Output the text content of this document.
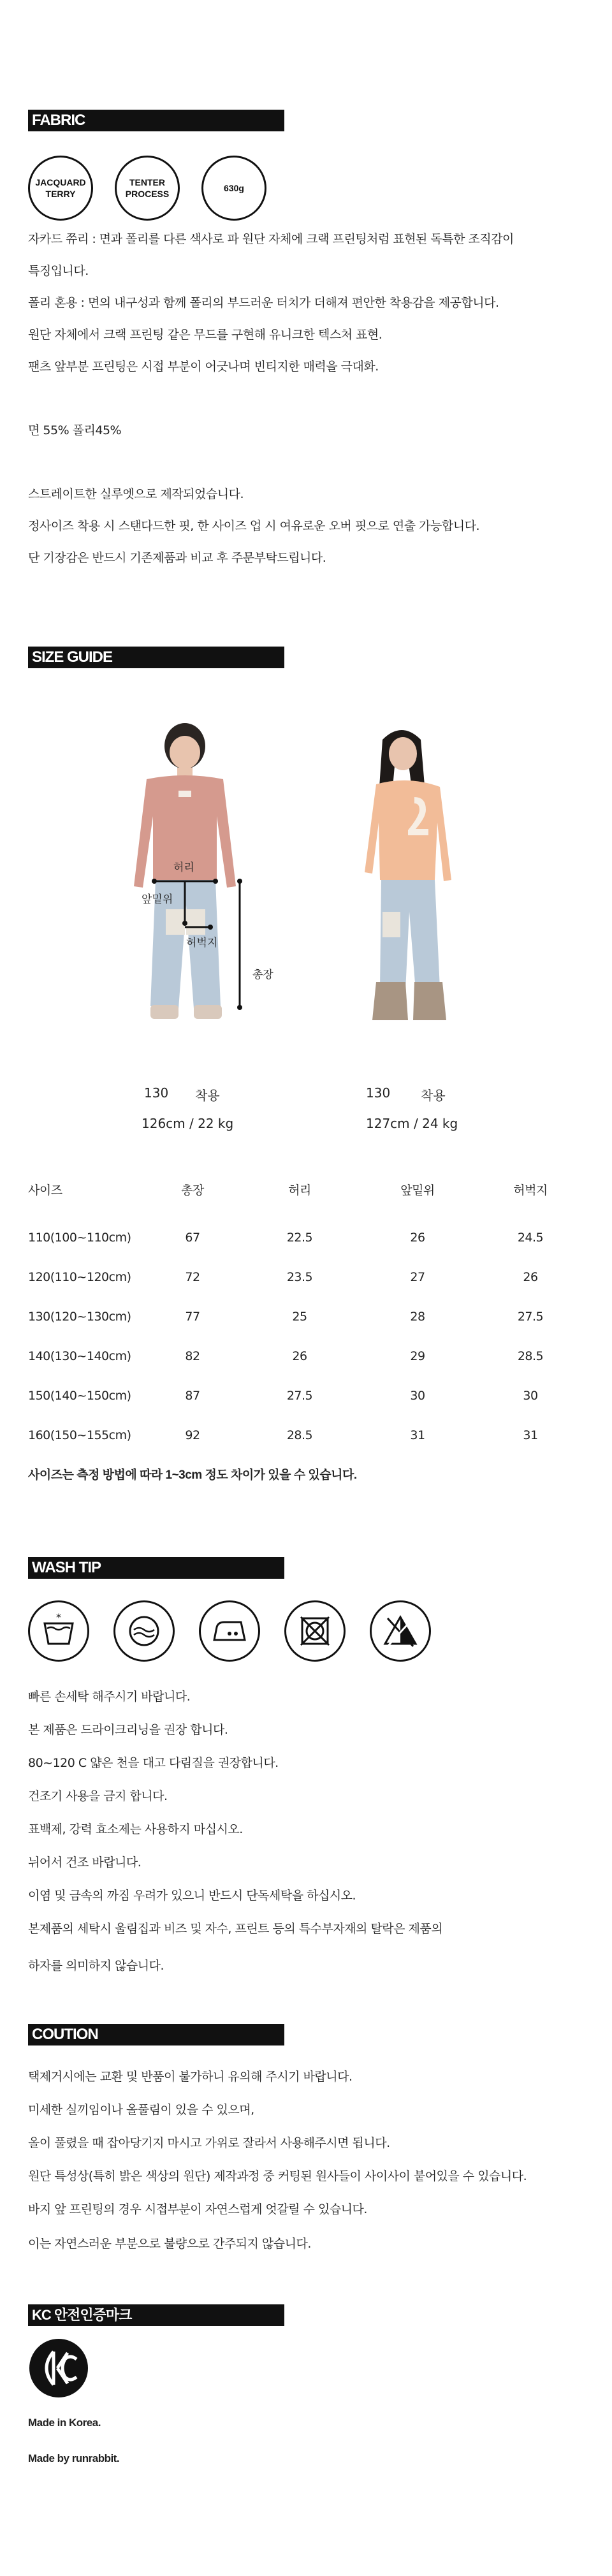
FABRIC
JACQUARD
TERRY
TENTER
PROCESS
630g
자카드 쮸리 : 면과 폴리를 다른 색사로 파 원단 자체에 크랙 프린팅처럼 표현된 독특한 조직감이
특징입니다.
폴리 혼용 : 면의 내구성과 함께 폴리의 부드러운 터치가 더해져 편안한 착용감을 제공합니다.
원단 자체에서 크랙 프린팅 같은 무드를 구현해 유니크한 텍스처 표현.
팬츠 앞부분 프린팅은 시접 부분이 어긋나며 빈티지한 매력을 극대화.
면 55% 폴리45%
스트레이트한 실루엣으로 제작되었습니다.
정사이즈 착용 시 스탠다드한 핏, 한 사이즈 업 시 여유로운 오버 핏으로 연출 가능합니다.
단 기장감은 반드시 기존제품과 비교 후 주문부탁드립니다.
SIZE GUIDE
허리
앞밑위
허벅지
총장
130 착용
126cm / 22 kg
130 착용
127cm / 24 kg
사이즈	총장	허리	앞밑위	허벅지
110(100~110cm)	67	22.5	26	24.5
120(110~120cm)	72	23.5	27	26
130(120~130cm)	77	25	28	27.5
140(130~140cm)	82	26	29	28.5
150(140~150cm)	87	27.5	30	30
160(150~155cm)	92	28.5	31	31
사이즈는 측정 방법에 따라 1~3cm 정도 차이가 있을 수 있습니다.
WASH TIP
*
빠른 손세탁 해주시기 바랍니다.
본 제품은 드라이크리닝을 권장 합니다.
80~120 C 얇은 천을 대고 다림질을 권장합니다.
건조기 사용을 금지 합니다.
표백제, 강력 효소제는 사용하지 마십시오.
뉘어서 건조 바랍니다.
이염 및 금속의 까짐 우려가 있으니 반드시 단독세탁을 하십시오.
본제품의 세탁시 울림집과 비즈 및 자수, 프린트 등의 특수부자재의 탈락은 제품의
하자를 의미하지 않습니다.
COUTION
택제거시에는 교환 및 반품이 불가하니 유의해 주시기 바랍니다.
미세한 실끼임이나 올풀림이 있을 수 있으며,
올이 풀렸을 때 잡아당기지 마시고 가위로 잘라서 사용해주시면 됩니다.
원단 특성상(특히 밝은 색상의 원단) 제작과정 중 커팅된 원사들이 사이사이 붙어있을 수 있습니다.
바지 앞 프린팅의 경우 시접부분이 자연스럽게 엇갈릴 수 있습니다.
이는 자연스러운 부분으로 불량으로 간주되지 않습니다.
KC 안전인증마크
Made in Korea.
Made by runrabbit.
